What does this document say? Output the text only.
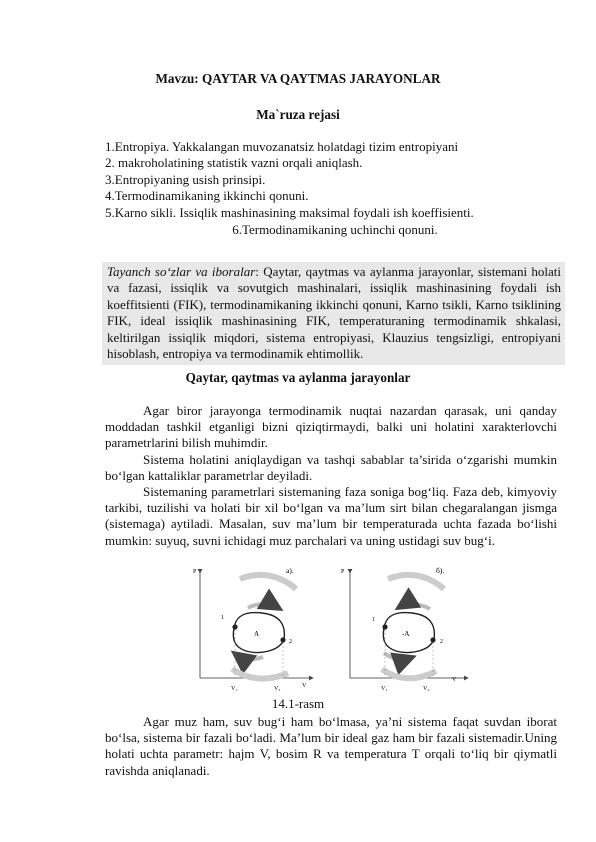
Mavzu: QAYTAR VA QAYTMAS JARAYONLAR
Ma`ruza rejasi
1.Entropiya. Yakkalangan muvozanatsiz holatdagi tizim entropiyani
2. makroholatining statistik vazni orqali aniqlash.
3.Entropiyaning usish prinsipi.
4.Termodinamikaning ikkinchi qonuni.
5.Karno sikli. Issiqlik mashinasining maksimal foydali ish koeffisienti.
6.Termodinamikaning uchinchi qonuni.
Tayanch so‘zlar va iboralar: Qaytar, qaytmas va aylanma jarayonlar, sistemani holati va fazasi, issiqlik va sovutgich mashinalari, issiqlik mashinasining foydali ish koeffitsienti (FIK), termodinamikaning ikkinchi qonuni, Karno tsikli, Karno tsiklining FIK, ideal issiqlik mashinasining FIK, temperaturaning termodinamik shkalasi, keltirilgan issiqlik miqdori, sistema entropiyasi, Klauzius tengsizligi, entropiyani hisoblash, entropiya va termodinamik ehtimollik.
Qaytar, qaytmas va aylanma jarayonlar

Agar biror jarayonga termodinamik nuqtai nazardan qarasak, uni qanday moddadan tashkil etganligi bizni qiziqtirmaydi, balki uni holatini xarakterlovchi parametrlarini bilish muhimdir.

Sistema holatini aniqlaydigan va tashqi sabablar ta’sirida o‘zgarishi mumkin bo‘lgan kattaliklar parametrlar deyiladi.

Sistemaning parametrlari sistemaning faza soniga bog‘liq. Faza deb, kimyoviy tarkibi, tuzilishi va holati bir xil bo‘lgan va ma’lum sirt bilan chegaralangan jismga (sistemaga) aytiladi. Masalan, suv ma’lum bir temperaturada uchta fazada bo‘lishi mumkin: suyuq, suvni ichidagi muz parchalari va uning ustidagi suv bug‘i.

P
V
a).
1
2
A
V₁	V₂
P
V
б).
1
2
-A
V₁	V₂
14.1-rasm

Agar muz ham, suv bug‘i ham bo‘lmasa, ya’ni sistema faqat suvdan iborat bo‘lsa, sistema bir fazali bo‘ladi. Ma’lum bir ideal gaz ham bir fazali sistemadir.Uning holati uchta parametr: hajm V, bosim R va temperatura T orqali to‘liq bir qiymatli ravishda aniqlanadi.
